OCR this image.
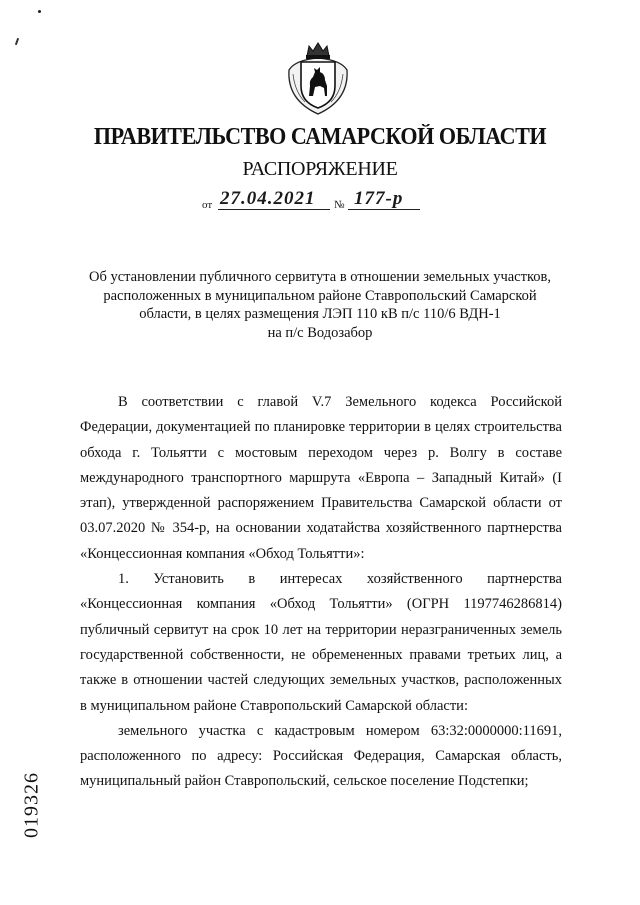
ПРАВИТЕЛЬСТВО САМАРСКОЙ ОБЛАСТИ
РАСПОРЯЖЕНИЕ
от 27.04.2021 № 177-р
Об установлении публичного сервитута в отношении земельных участков,
расположенных в муниципальном районе Ставропольский Самарской
области, в целях размещения ЛЭП 110 кВ п/с 110/6 ВДН-1
на п/с Водозабор

В соответствии с главой V.7 Земельного кодекса Российской Федерации, документацией по планировке территории в целях строительства обхода г. Тольятти с мостовым переходом через р. Волгу в составе международного транспортного маршрута «Европа – Западный Китай» (I этап), утвержденной распоряжением Правительства Самарской области от 03.07.2020 № 354-р, на основании ходатайства хозяйственного партнерства «Концессионная компания «Обход Тольятти»:

1. Установить в интересах хозяйственного партнерства «Концессионная компания «Обход Тольятти» (ОГРН 1197746286814) публичный сервитут на срок 10 лет на территории неразграниченных земель государственной собственности, не обремененных правами третьих лиц, а также в отношении частей следующих земельных участков, расположенных в муниципальном районе Ставропольский Самарской области:

земельного участка с кадастровым номером 63:32:0000000:11691, расположенного по адресу: Российская Федерация, Самарская область, муниципальный район Ставропольский, сельское поселение Подстепки;

019326
